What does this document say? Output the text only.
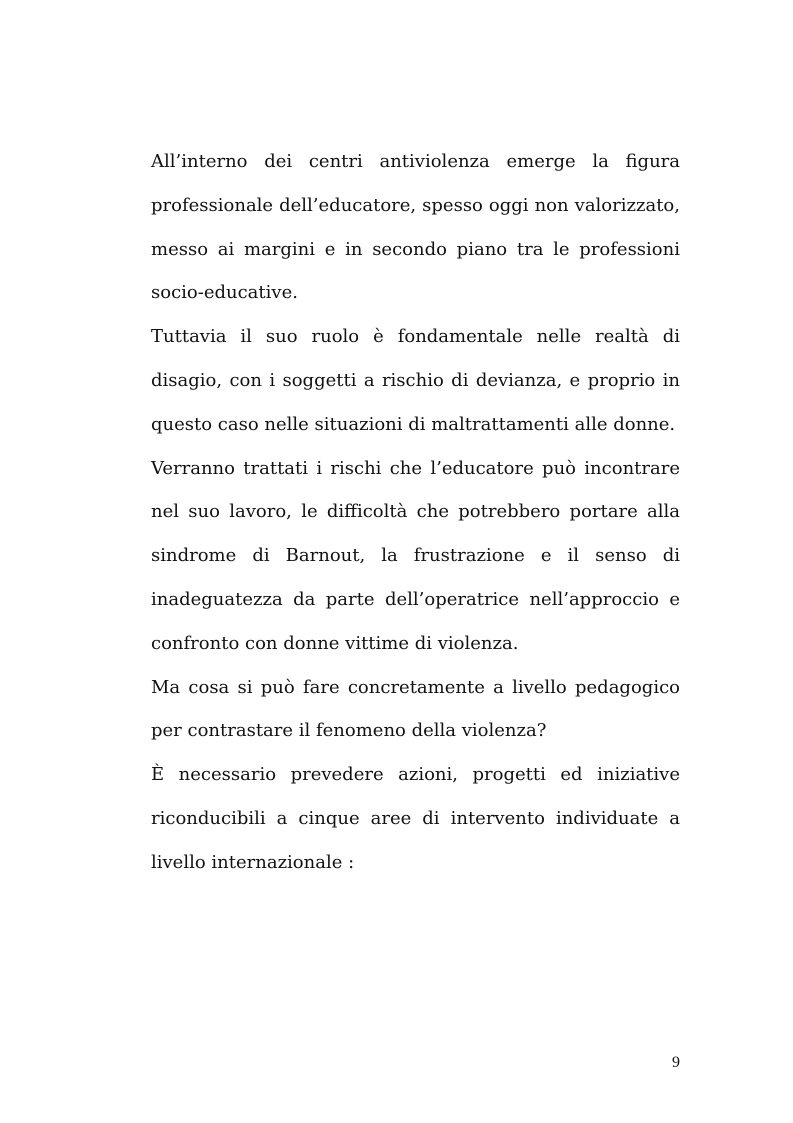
All’interno dei centri antiviolenza emerge la figura
professionale dell’educatore, spesso oggi non valorizzato,
messo ai margini e in secondo piano tra le professioni
socio-educative.
Tuttavia il suo ruolo è fondamentale nelle realtà di
disagio, con i soggetti a rischio di devianza, e proprio in
questo caso nelle situazioni di maltrattamenti alle donne.
Verranno trattati i rischi che l’educatore può incontrare
nel suo lavoro, le difficoltà che potrebbero portare alla
sindrome di Barnout, la frustrazione e il senso di
inadeguatezza da parte dell’operatrice nell’approccio e
confronto con donne vittime di violenza.
Ma cosa si può fare concretamente a livello pedagogico
per contrastare il fenomeno della violenza?
È necessario prevedere azioni, progetti ed iniziative
riconducibili a cinque aree di intervento individuate a
livello internazionale :
9
